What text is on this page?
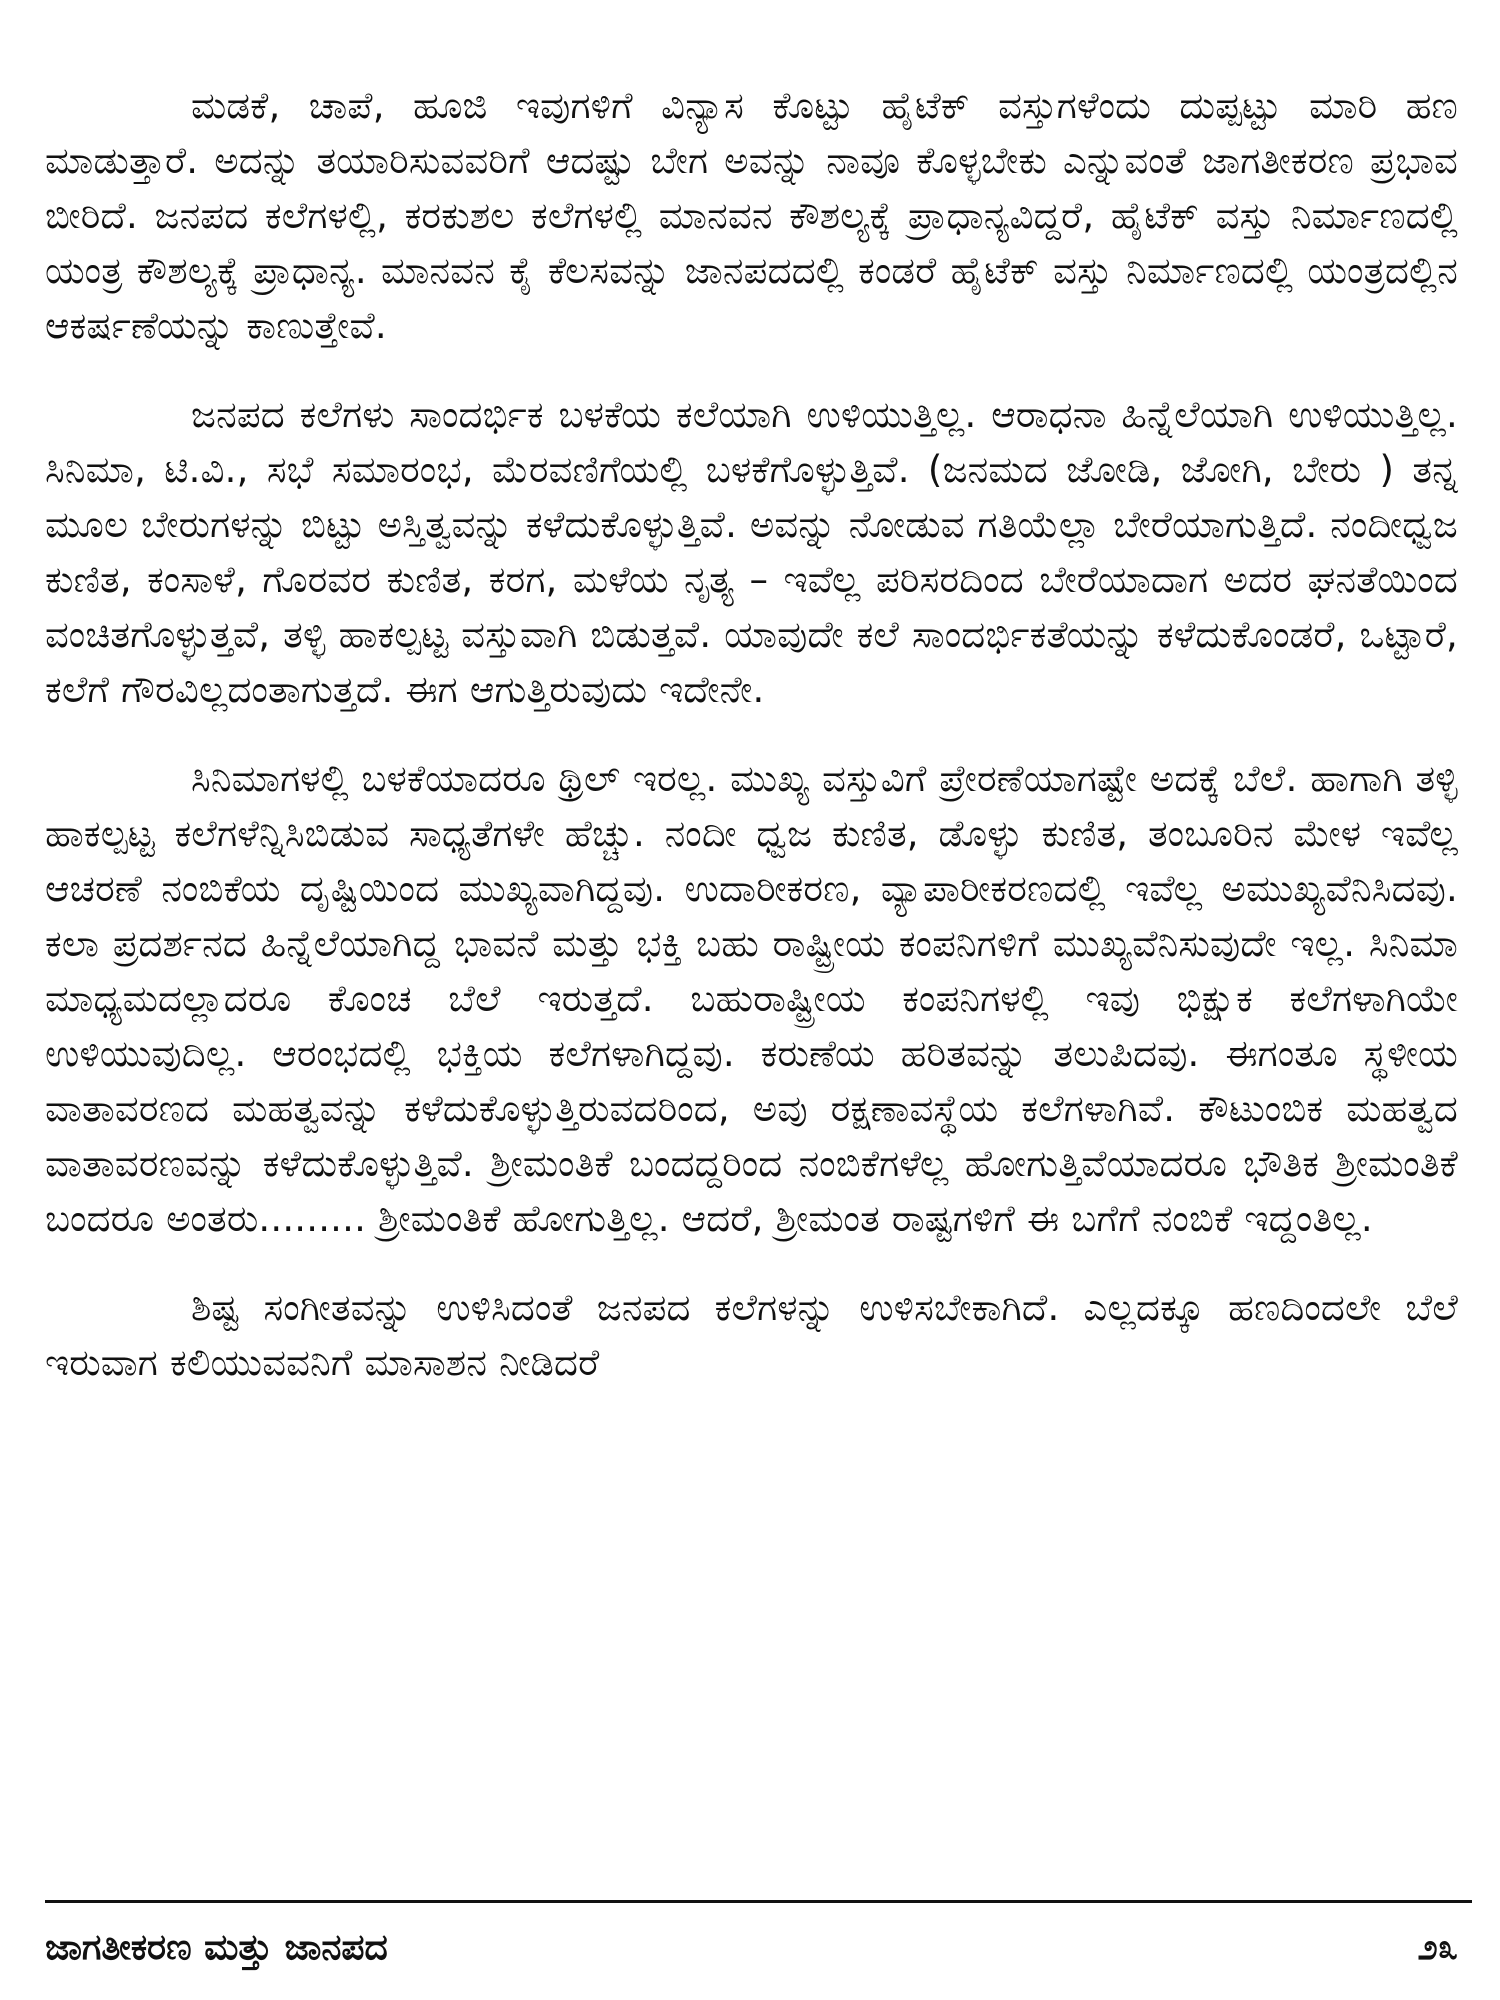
ಮಡಕೆ, ಚಾಪೆ, ಹೂಜಿ ಇವುಗಳಿಗೆ ವಿನ್ಯಾಸ ಕೊಟ್ಟು ಹೈಟೆಕ್ ವಸ್ತುಗಳೆಂದು ದುಪ್ಪಟ್ಟು ಮಾರಿ ಹಣ ಮಾಡುತ್ತಾರೆ. ಅದನ್ನು ತಯಾರಿಸುವವರಿಗೆ ಆದಷ್ಟು ಬೇಗ ಅವನ್ನು ನಾವೂ ಕೊಳ್ಳಬೇಕು ಎನ್ನುವಂತೆ ಜಾಗತೀಕರಣ ಪ್ರಭಾವ ಬೀರಿದೆ. ಜನಪದ ಕಲೆಗಳಲ್ಲಿ, ಕರಕುಶಲ ಕಲೆಗಳಲ್ಲಿ ಮಾನವನ ಕೌಶಲ್ಯಕ್ಕೆ ಪ್ರಾಧಾನ್ಯವಿದ್ದರೆ, ಹೈಟೆಕ್ ವಸ್ತು ನಿರ್ಮಾಣದಲ್ಲಿ ಯಂತ್ರ ಕೌಶಲ್ಯಕ್ಕೆ ಪ್ರಾಧಾನ್ಯ. ಮಾನವನ ಕೈ ಕೆಲಸವನ್ನು ಜಾನಪದದಲ್ಲಿ ಕಂಡರೆ ಹೈಟೆಕ್ ವಸ್ತು ನಿರ್ಮಾಣದಲ್ಲಿ ಯಂತ್ರದಲ್ಲಿನ ಆಕರ್ಷಣೆಯನ್ನು ಕಾಣುತ್ತೇವೆ.

ಜನಪದ ಕಲೆಗಳು ಸಾಂದರ್ಭಿಕ ಬಳಕೆಯ ಕಲೆಯಾಗಿ ಉಳಿಯುತ್ತಿಲ್ಲ. ಆರಾಧನಾ ಹಿನ್ನೆಲೆಯಾಗಿ ಉಳಿಯುತ್ತಿಲ್ಲ. ಸಿನಿಮಾ, ಟಿ.ವಿ., ಸಭೆ ಸಮಾರಂಭ, ಮೆರವಣಿಗೆಯಲ್ಲಿ ಬಳಕೆಗೊಳ್ಳುತ್ತಿವೆ. (ಜನಮದ ಜೋಡಿ, ಜೋಗಿ, ಬೇರು ) ತನ್ನ ಮೂಲ ಬೇರುಗಳನ್ನು ಬಿಟ್ಟು ಅಸ್ತಿತ್ವವನ್ನು ಕಳೆದುಕೊಳ್ಳುತ್ತಿವೆ. ಅವನ್ನು ನೋಡುವ ಗತಿಯೆಲ್ಲಾ ಬೇರೆಯಾಗುತ್ತಿದೆ. ನಂದೀಧ್ವಜ ಕುಣಿತ, ಕಂಸಾಳೆ, ಗೊರವರ ಕುಣಿತ, ಕರಗ, ಮಳೆಯ ನೃತ್ಯ – ಇವೆಲ್ಲ ಪರಿಸರದಿಂದ ಬೇರೆಯಾದಾಗ ಅದರ ಘನತೆಯಿಂದ ವಂಚಿತಗೊಳ್ಳುತ್ತವೆ, ತಳ್ಳಿ ಹಾಕಲ್ಪಟ್ಟ ವಸ್ತುವಾಗಿ ಬಿಡುತ್ತವೆ. ಯಾವುದೇ ಕಲೆ ಸಾಂದರ್ಭಿಕತೆಯನ್ನು ಕಳೆದುಕೊಂಡರೆ, ಒಟ್ಟಾರೆ, ಕಲೆಗೆ ಗೌರವಿಲ್ಲದಂತಾಗುತ್ತದೆ. ಈಗ ಆಗುತ್ತಿರುವುದು ಇದೇನೇ.

ಸಿನಿಮಾಗಳಲ್ಲಿ ಬಳಕೆಯಾದರೂ ಥ್ರಿಲ್ ಇರಲ್ಲ. ಮುಖ್ಯ ವಸ್ತುವಿಗೆ ಪ್ರೇರಣೆಯಾಗಷ್ಟೇ ಅದಕ್ಕೆ ಬೆಲೆ. ಹಾಗಾಗಿ ತಳ್ಳಿ ಹಾಕಲ್ಪಟ್ಟ ಕಲೆಗಳೆನ್ನಿಸಿಬಿಡುವ ಸಾಧ್ಯತೆಗಳೇ ಹೆಚ್ಚು. ನಂದೀ ಧ್ವಜ ಕುಣಿತ, ಡೊಳ್ಳು ಕುಣಿತ, ತಂಬೂರಿನ ಮೇಳ ಇವೆಲ್ಲ ಆಚರಣೆ ನಂಬಿಕೆಯ ದೃಷ್ಟಿಯಿಂದ ಮುಖ್ಯವಾಗಿದ್ದವು. ಉದಾರೀಕರಣ, ವ್ಯಾಪಾರೀಕರಣದಲ್ಲಿ ಇವೆಲ್ಲ ಅಮುಖ್ಯವೆನಿಸಿದವು. ಕಲಾ ಪ್ರದರ್ಶನದ ಹಿನ್ನೆಲೆಯಾಗಿದ್ದ ಭಾವನೆ ಮತ್ತು ಭಕ್ತಿ ಬಹು ರಾಷ್ಟ್ರೀಯ ಕಂಪನಿಗಳಿಗೆ ಮುಖ್ಯವೆನಿಸುವುದೇ ಇಲ್ಲ. ಸಿನಿಮಾ ಮಾಧ್ಯಮದಲ್ಲಾದರೂ ಕೊಂಚ ಬೆಲೆ ಇರುತ್ತದೆ. ಬಹುರಾಷ್ಟ್ರೀಯ ಕಂಪನಿಗಳಲ್ಲಿ ಇವು ಭಿಕ್ಷುಕ ಕಲೆಗಳಾಗಿಯೇ ಉಳಿಯುವುದಿಲ್ಲ. ಆರಂಭದಲ್ಲಿ ಭಕ್ತಿಯ ಕಲೆಗಳಾಗಿದ್ದವು. ಕರುಣೆಯ ಹರಿತವನ್ನು ತಲುಪಿದವು. ಈಗಂತೂ ಸ್ಥಳೀಯ ವಾತಾವರಣದ ಮಹತ್ವವನ್ನು ಕಳೆದುಕೊಳ್ಳುತ್ತಿರುವದರಿಂದ, ಅವು ರಕ್ಷಣಾವಸ್ಥೆಯ ಕಲೆಗಳಾಗಿವೆ. ಕೌಟುಂಬಿಕ ಮಹತ್ವದ ವಾತಾವರಣವನ್ನು ಕಳೆದುಕೊಳ್ಳುತ್ತಿವೆ. ಶ್ರೀಮಂತಿಕೆ ಬಂದದ್ದರಿಂದ ನಂಬಿಕೆಗಳೆಲ್ಲ ಹೋಗುತ್ತಿವೆಯಾದರೂ ಭೌತಿಕ ಶ್ರೀಮಂತಿಕೆ ಬಂದರೂ ಅಂತರು......... ಶ್ರೀಮಂತಿಕೆ ಹೋಗುತ್ತಿಲ್ಲ. ಆದರೆ, ಶ್ರೀಮಂತ ರಾಷ್ಟಗಳಿಗೆ ಈ ಬಗೆಗೆ ನಂಬಿಕೆ ಇದ್ದಂತಿಲ್ಲ.

ಶಿಷ್ಟ ಸಂಗೀತವನ್ನು ಉಳಿಸಿದಂತೆ ಜನಪದ ಕಲೆಗಳನ್ನು ಉಳಿಸಬೇಕಾಗಿದೆ. ಎಲ್ಲದಕ್ಕೂ ಹಣದಿಂದಲೇ ಬೆಲೆ ಇರುವಾಗ ಕಲಿಯುವವನಿಗೆ ಮಾಸಾಶನ ನೀಡಿದರೆ

ಜಾಗತೀಕರಣ ಮತ್ತು ಜಾನಪದ	೨೩
